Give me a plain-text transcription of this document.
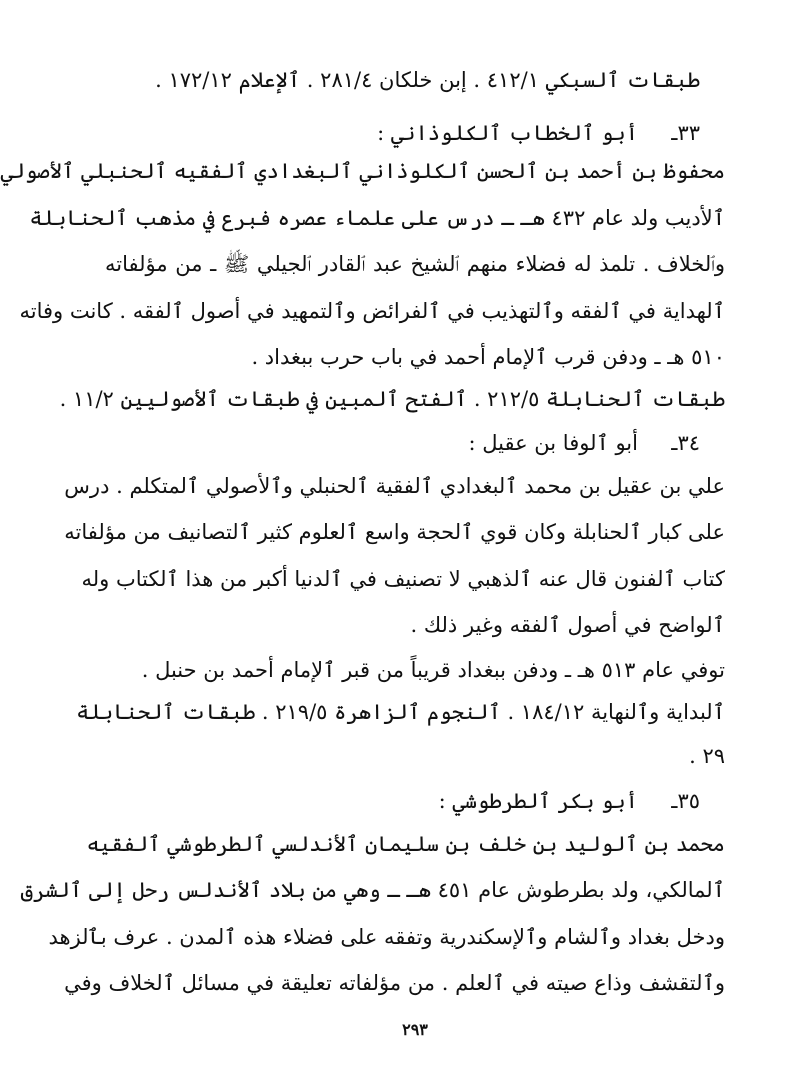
طبقات ٱلسبكي ٤١٢/١ . إبن خلكان ٢٨١/٤ . ٱلإعلام ١٧٢/١٢ .
٣٣ـأبو ٱلخطاب ٱلكلوذاني :
محفوظ بن أحمد بن ٱلحسن ٱلكلوذاني ٱلبغدادي ٱلفقيه ٱلحنبلي ٱلأصولي
ٱلأديب ولد عام ٤٣٢ هـ ـ درس على علماء عصره فبرع في مذهب ٱلحنابلة
وٱلخلاف . تلمذ له فضلاء منهم ٱلشيخ عبد ٱلقادر ٱلجيلي ﷺ ـ من مؤلفاته
ٱلهداية في ٱلفقه وٱلتهذيب في ٱلفرائض وٱلتمهيد في أصول ٱلفقه . كانت وفاته
٥١٠ هـ ـ ودفن قرب ٱلإمام أحمد في باب حرب ببغداد .
طبقات ٱلحنابلة ٢١٢/٥ . ٱلفتح ٱلمبين في طبقات ٱلأصوليين ١١/٢ .
٣٤ـأبو ٱلوفا بن عقيل :
علي بن عقيل بن محمد ٱلبغدادي ٱلفقية ٱلحنبلي وٱلأصولي ٱلمتكلم . درس
على كبار ٱلحنابلة وكان قوي ٱلحجة واسع ٱلعلوم كثير ٱلتصانيف من مؤلفاته
كتاب ٱلفنون قال عنه ٱلذهبي لا تصنيف في ٱلدنيا أكبر من هذا ٱلكتاب وله
ٱلواضح في أصول ٱلفقه وغير ذلك .
توفي عام ٥١٣ هـ ـ ودفن ببغداد قريباً من قبر ٱلإمام أحمد بن حنبل .
ٱلبداية وٱلنهاية ١٨٤/١٢ . ٱلنجوم ٱلزاهرة ٢١٩/٥ . طبقات ٱلحنابلة
٢٩ .
٣٥ـأبو بكر ٱلطرطوشي :
محمد بن ٱلوليد بن خلف بن سليمان ٱلأندلسي ٱلطرطوشي ٱلفقيه
ٱلمالكي، ولد بطرطوش عام ٤٥١ هـ ـ وهي من بلاد ٱلأندلس رحل إلى ٱلشرق
ودخل بغداد وٱلشام وٱلإسكندرية وتفقه على فضلاء هذه ٱلمدن . عرف بٱلزهد
وٱلتقشف وذاع صيته في ٱلعلم . من مؤلفاته تعليقة في مسائل ٱلخلاف وفي
٢٩٣
